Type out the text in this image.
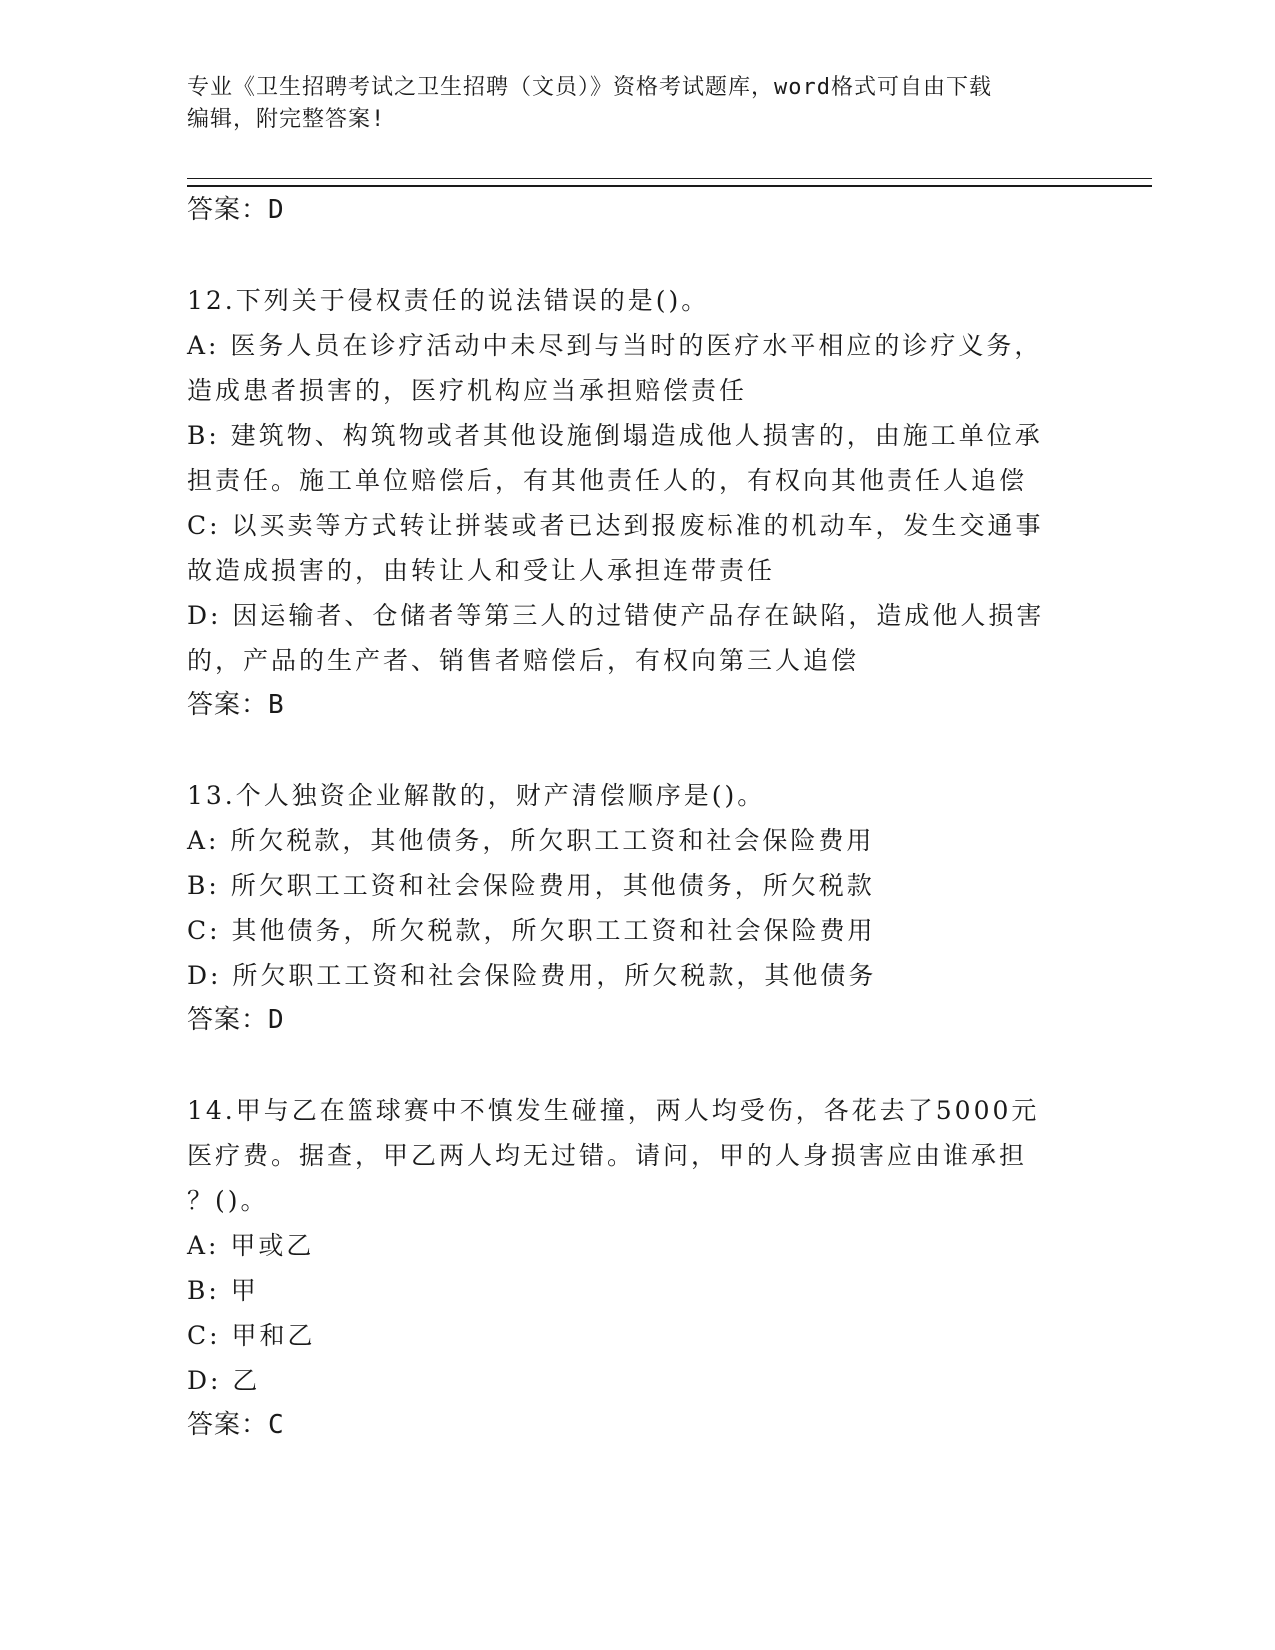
专业《卫生招聘考试之卫生招聘（文员）》资格考试题库，word格式可自由下载
编辑，附完整答案!
答案：D
12.下列关于侵权责任的说法错误的是()。
A: 医务人员在诊疗活动中未尽到与当时的医疗水平相应的诊疗义务，
造成患者损害的，医疗机构应当承担赔偿责任
B: 建筑物、构筑物或者其他设施倒塌造成他人损害的，由施工单位承
担责任。施工单位赔偿后，有其他责任人的，有权向其他责任人追偿
C: 以买卖等方式转让拼装或者已达到报废标准的机动车，发生交通事
故造成损害的，由转让人和受让人承担连带责任
D: 因运输者、仓储者等第三人的过错使产品存在缺陷，造成他人损害
的，产品的生产者、销售者赔偿后，有权向第三人追偿
答案：B
13.个人独资企业解散的，财产清偿顺序是()。
A: 所欠税款，其他债务，所欠职工工资和社会保险费用
B: 所欠职工工资和社会保险费用，其他债务，所欠税款
C: 其他债务，所欠税款，所欠职工工资和社会保险费用
D: 所欠职工工资和社会保险费用，所欠税款，其他债务
答案：D
14.甲与乙在篮球赛中不慎发生碰撞，两人均受伤，各花去了5000元
医疗费。据查，甲乙两人均无过错。请问，甲的人身损害应由谁承担
？()。
A: 甲或乙
B: 甲
C: 甲和乙
D: 乙
答案：C
